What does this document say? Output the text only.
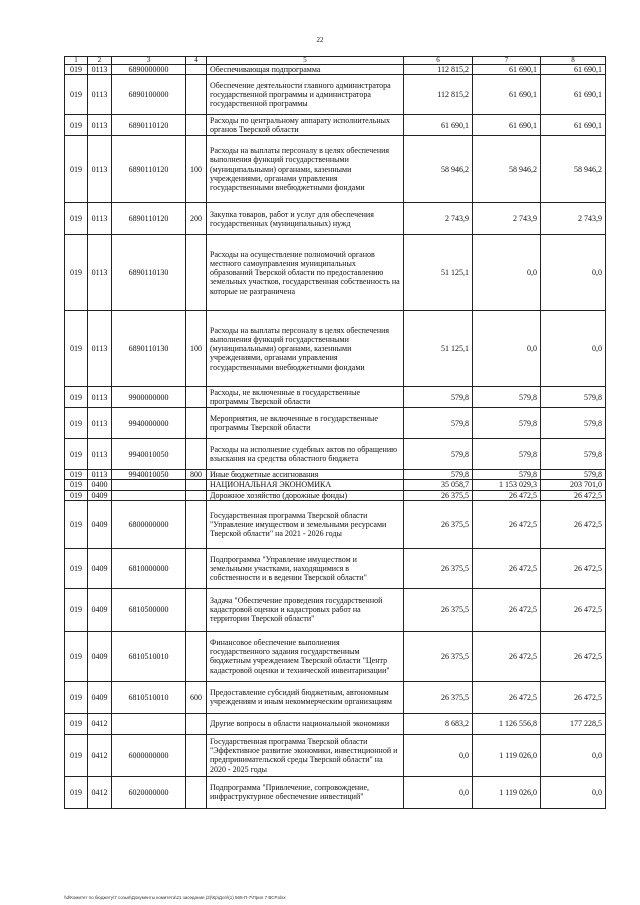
22
1	2	3	4	5	6	7	8
019	0113	6890000000		Обеспечивающая подпрограмма	112 815,2	61 690,1	61 690,1
019	0113	6890100000		Обеспечение деятельности главного администратора государственной программы и администратора государственной программы	112 815,2	61 690,1	61 690,1
019	0113	6890110120		Расходы по центральному аппарату исполнительных органов Тверской области	61 690,1	61 690,1	61 690,1
019	0113	6890110120	100	Расходы на выплаты персоналу в целях обеспечения выполнения функций государственными (муниципальными) органами, казенными учреждениями, органами управления государственными внебюджетными фондами	58 946,2	58 946,2	58 946,2
019	0113	6890110120	200	Закупка товаров, работ и услуг для обеспечения государственных (муниципальных) нужд	2 743,9	2 743,9	2 743,9
019	0113	6890110130		Расходы на осуществление полномочий органов местного самоуправления муниципальных образований Тверской области по предоставлению земельных участков, государственная собственность на которые не разграничена	51 125,1	0,0	0,0
019	0113	6890110130	100	Расходы на выплаты персоналу в целях обеспечения выполнения функций государственными (муниципальными) органами, казенными учреждениями, органами управления государственными внебюджетными фондами	51 125,1	0,0	0,0
019	0113	9900000000		Расходы, не включенные в государственные программы Тверской области	579,8	579,8	579,8
019	0113	9940000000		Мероприятия, не включенные в государственные программы Тверской области	579,8	579,8	579,8
019	0113	9940010050		Расходы на исполнение судебных актов по обращению взыскания на средства областного бюджета	579,8	579,8	579,8
019	0113	9940010050	800	Иные бюджетные ассигнования	579,8	579,8	579,8
019	0400			НАЦИОНАЛЬНАЯ ЭКОНОМИКА	35 058,7	1 153 029,3	203 701,0
019	0409			Дорожное хозяйство (дорожные фонды)	26 375,5	26 472,5	26 472,5
019	0409	6800000000		Государственная программа Тверской области "Управление имуществом и земельными ресурсами Тверской области" на 2021 - 2026 годы	26 375,5	26 472,5	26 472,5
019	0409	6810000000		Подпрограмма "Управление имуществом и земельными участками, находящимися в собственности и в ведении Тверской области"	26 375,5	26 472,5	26 472,5
019	0409	6810500000		Задача "Обеспечение проведения государственной кадастровой оценки и кадастровых работ на территории Тверской области"	26 375,5	26 472,5	26 472,5
019	0409	6810510010		Финансовое обеспечение выполнения государственного задания государственным бюджетным учреждением Тверской области "Центр кадастровой оценки и технической инвентаризации"	26 375,5	26 472,5	26 472,5
019	0409	6810510010	600	Предоставление субсидий бюджетным, автономным учреждениям и иным некоммерческим организациям	26 375,5	26 472,5	26 472,5
019	0412			Другие вопросы в области национальной экономики	8 683,2	1 126 556,8	177 228,5
019	0412	6000000000		Государственная программа Тверской области "Эффективное развитие экономики, инвестиционной и предпринимательской среды Тверской области" на 2020 - 2025 годы	0,0	1 119 026,0	0,0
019	0412	6020000000		Подпрограмма "Привлечение, сопровождение, инфраструктурное обеспечение инвестиций"	0,0	1 119 026,0	0,0
\\d\Комитет по бюджету\7 созыв\Документы комитета\21 заседание (2)\Кр\Доп\(1) 565-П-7\Прил 7 ВСР.xlsx
